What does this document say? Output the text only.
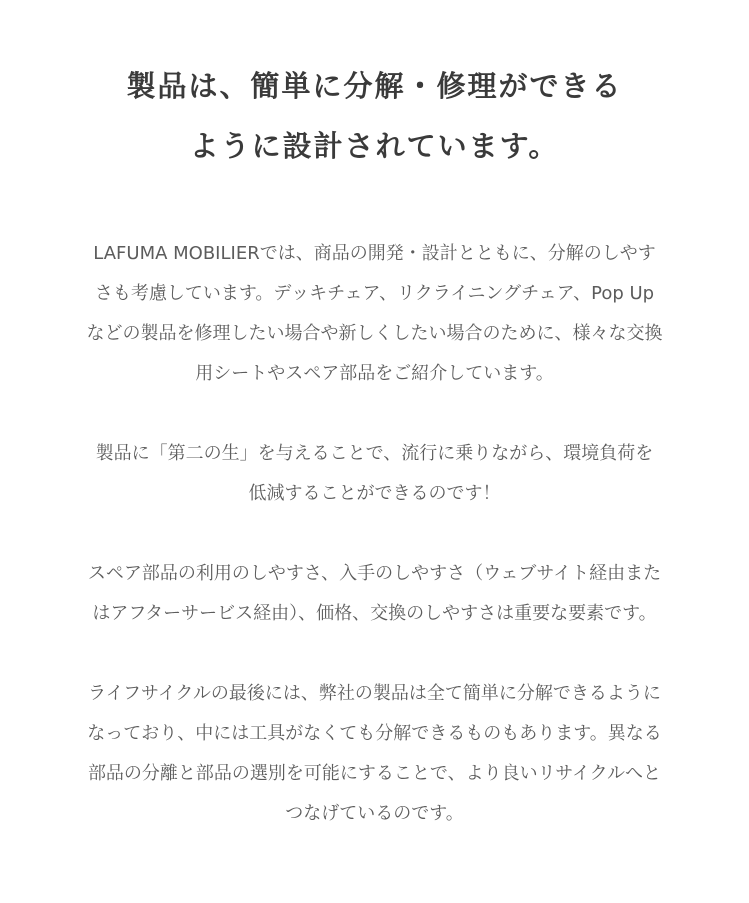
製品は、簡単に分解・修理ができる
ように設計されています。

LAFUMA MOBILIERでは、商品の開発・設計とともに、分解のしやす
さも考慮しています。デッキチェア、リクライニングチェア、Pop Up
などの製品を修理したい場合や新しくしたい場合のために、様々な交換
用シートやスペア部品をご紹介しています。

製品に「第二の生」を与えることで、流行に乗りながら、環境負荷を
低減することができるのです！

スペア部品の利用のしやすさ、入手のしやすさ（ウェブサイト経由また
はアフターサービス経由）、価格、交換のしやすさは重要な要素です。

ライフサイクルの最後には、弊社の製品は全て簡単に分解できるように
なっており、中には工具がなくても分解できるものもあります。異なる
部品の分離と部品の選別を可能にすることで、より良いリサイクルへと
つなげているのです。
